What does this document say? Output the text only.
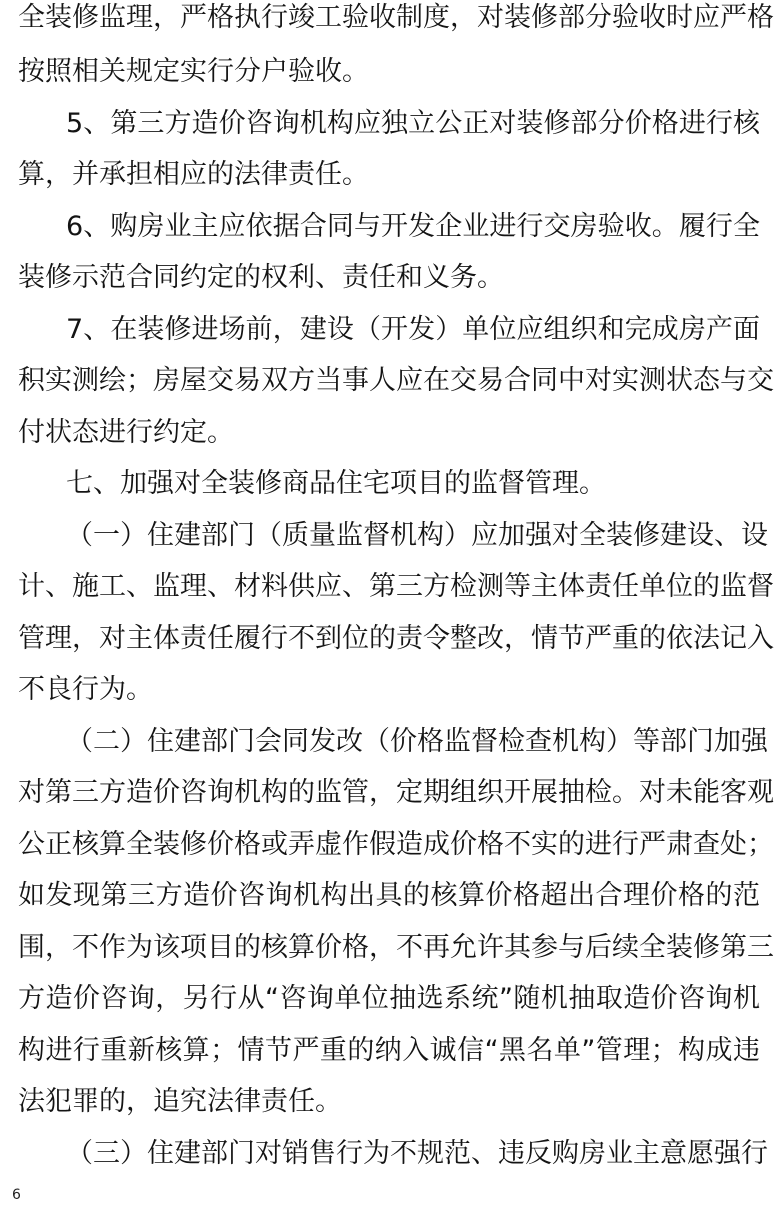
全装修监理，严格执行竣工验收制度，对装修部分验收时应严格
按照相关规定实行分户验收。
5、第三方造价咨询机构应独立公正对装修部分价格进行核
算，并承担相应的法律责任。
6、购房业主应依据合同与开发企业进行交房验收。履行全
装修示范合同约定的权利、责任和义务。
7、在装修进场前，建设（开发）单位应组织和完成房产面
积实测绘；房屋交易双方当事人应在交易合同中对实测状态与交
付状态进行约定。
七、加强对全装修商品住宅项目的监督管理。
（一）住建部门（质量监督机构）应加强对全装修建设、设
计、施工、监理、材料供应、第三方检测等主体责任单位的监督
管理，对主体责任履行不到位的责令整改，情节严重的依法记入
不良行为。
（二）住建部门会同发改（价格监督检查机构）等部门加强
对第三方造价咨询机构的监管，定期组织开展抽检。对未能客观
公正核算全装修价格或弄虚作假造成价格不实的进行严肃查处；
如发现第三方造价咨询机构出具的核算价格超出合理价格的范
围，不作为该项目的核算价格，不再允许其参与后续全装修第三
方造价咨询，另行从“咨询单位抽选系统”随机抽取造价咨询机
构进行重新核算；情节严重的纳入诚信“黑名单”管理；构成违
法犯罪的，追究法律责任。
（三）住建部门对销售行为不规范、违反购房业主意愿强行
6
